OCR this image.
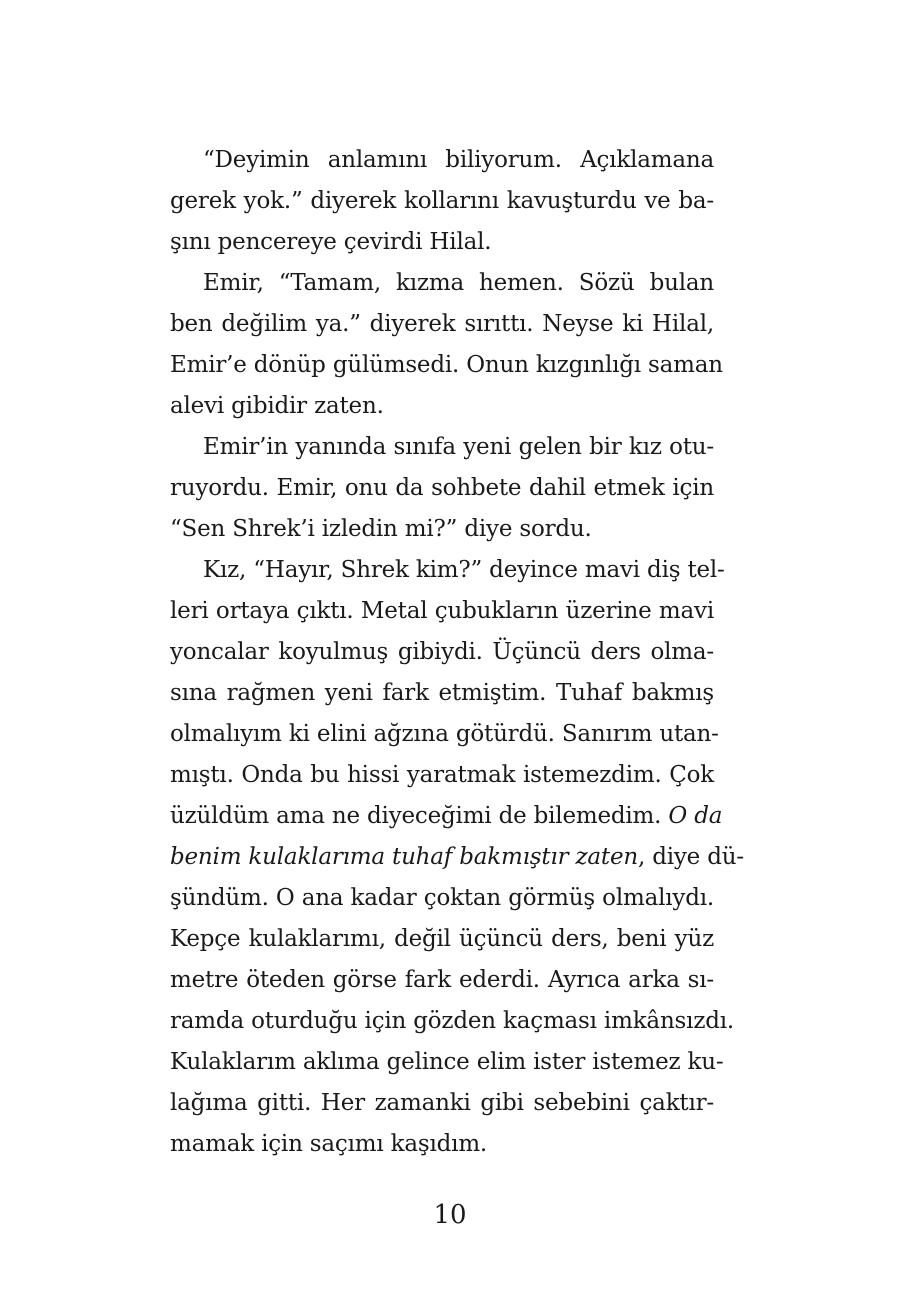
“Deyimin anlamını biliyorum. Açıklamana
gerek yok.” diyerek kollarını kavuşturdu ve ba-
şını pencereye çevirdi Hilal.
Emir, “Tamam, kızma hemen. Sözü bulan
ben değilim ya.” diyerek sırıttı. Neyse ki Hilal,
Emir’e dönüp gülümsedi. Onun kızgınlığı saman
alevi gibidir zaten.
Emir’in yanında sınıfa yeni gelen bir kız otu-
ruyordu. Emir, onu da sohbete dahil etmek için
“Sen Shrek’i izledin mi?” diye sordu.
Kız, “Hayır, Shrek kim?” deyince mavi diş tel-
leri ortaya çıktı. Metal çubukların üzerine mavi
yoncalar koyulmuş gibiydi. Üçüncü ders olma-
sına rağmen yeni fark etmiştim. Tuhaf bakmış
olmalıyım ki elini ağzına götürdü. Sanırım utan-
mıştı. Onda bu hissi yaratmak istemezdim. Çok
üzüldüm ama ne diyeceğimi de bilemedim. O da
benim kulaklarıma tuhaf bakmıştır zaten, diye dü-
şündüm. O ana kadar çoktan görmüş olmalıydı.
Kepçe kulaklarımı, değil üçüncü ders, beni yüz
metre öteden görse fark ederdi. Ayrıca arka sı-
ramda oturduğu için gözden kaçması imkânsızdı.
Kulaklarım aklıma gelince elim ister istemez ku-
lağıma gitti. Her zamanki gibi sebebini çaktır-
mamak için saçımı kaşıdım.
10
